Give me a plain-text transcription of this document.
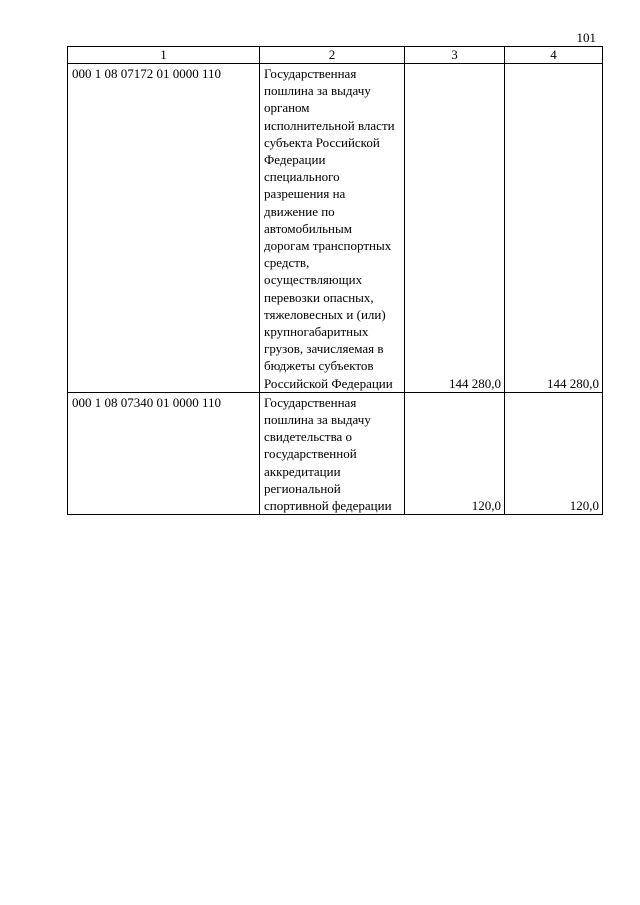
101
1	2	3	4
000 1 08 07172 01 0000 110	Государственная пошлина за выдачу органом исполнительной власти субъекта Российской Федерации специального разрешения на движение по автомобильным дорогам транспортных средств, осуществляющих перевозки опасных, тяжеловесных и (или) крупногабаритных грузов, зачисляемая в бюджеты субъектов Российской Федерации	144 280,0	144 280,0
000 1 08 07340 01 0000 110	Государственная пошлина за выдачу свидетельства о государственной аккредитации региональной спортивной федерации	120,0	120,0
